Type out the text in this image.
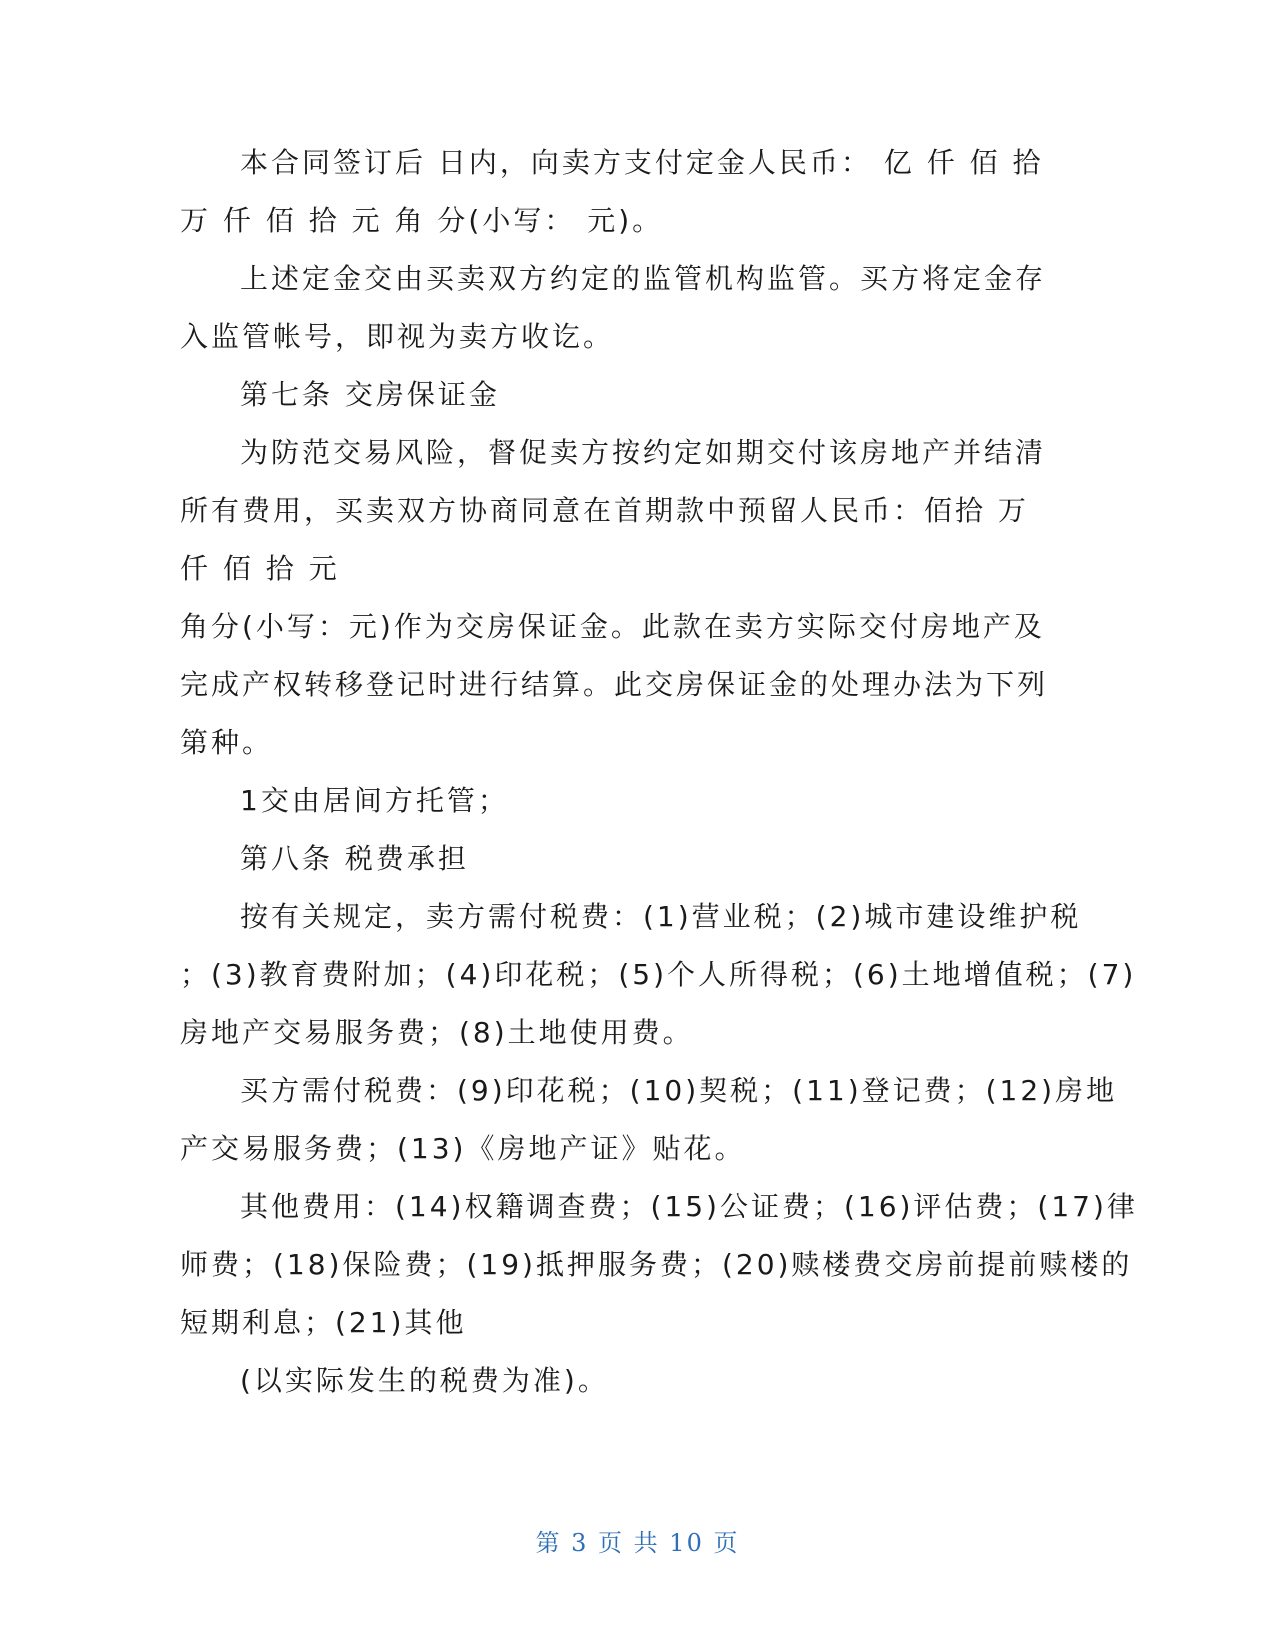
本合同签订后 日内，向卖方支付定金人民币： 亿 仟 佰 拾
万 仟 佰 拾 元 角 分(小写： 元)。
上述定金交由买卖双方约定的监管机构监管。买方将定金存
入监管帐号，即视为卖方收讫。
第七条 交房保证金
为防范交易风险，督促卖方按约定如期交付该房地产并结清
所有费用，买卖双方协商同意在首期款中预留人民币：佰拾 万
仟 佰 拾 元
角分(小写：元)作为交房保证金。此款在卖方实际交付房地产及
完成产权转移登记时进行结算。此交房保证金的处理办法为下列
第种。
1交由居间方托管；
第八条 税费承担
按有关规定，卖方需付税费：(1)营业税；(2)城市建设维护税
；(3)教育费附加；(4)印花税；(5)个人所得税；(6)土地增值税；(7)
房地产交易服务费；(8)土地使用费。
买方需付税费：(9)印花税；(10)契税；(11)登记费；(12)房地
产交易服务费；(13)《房地产证》贴花。
其他费用：(14)权籍调查费；(15)公证费；(16)评估费；(17)律
师费；(18)保险费；(19)抵押服务费；(20)赎楼费交房前提前赎楼的
短期利息；(21)其他
(以实际发生的税费为准)。
第 3 页 共 10 页
